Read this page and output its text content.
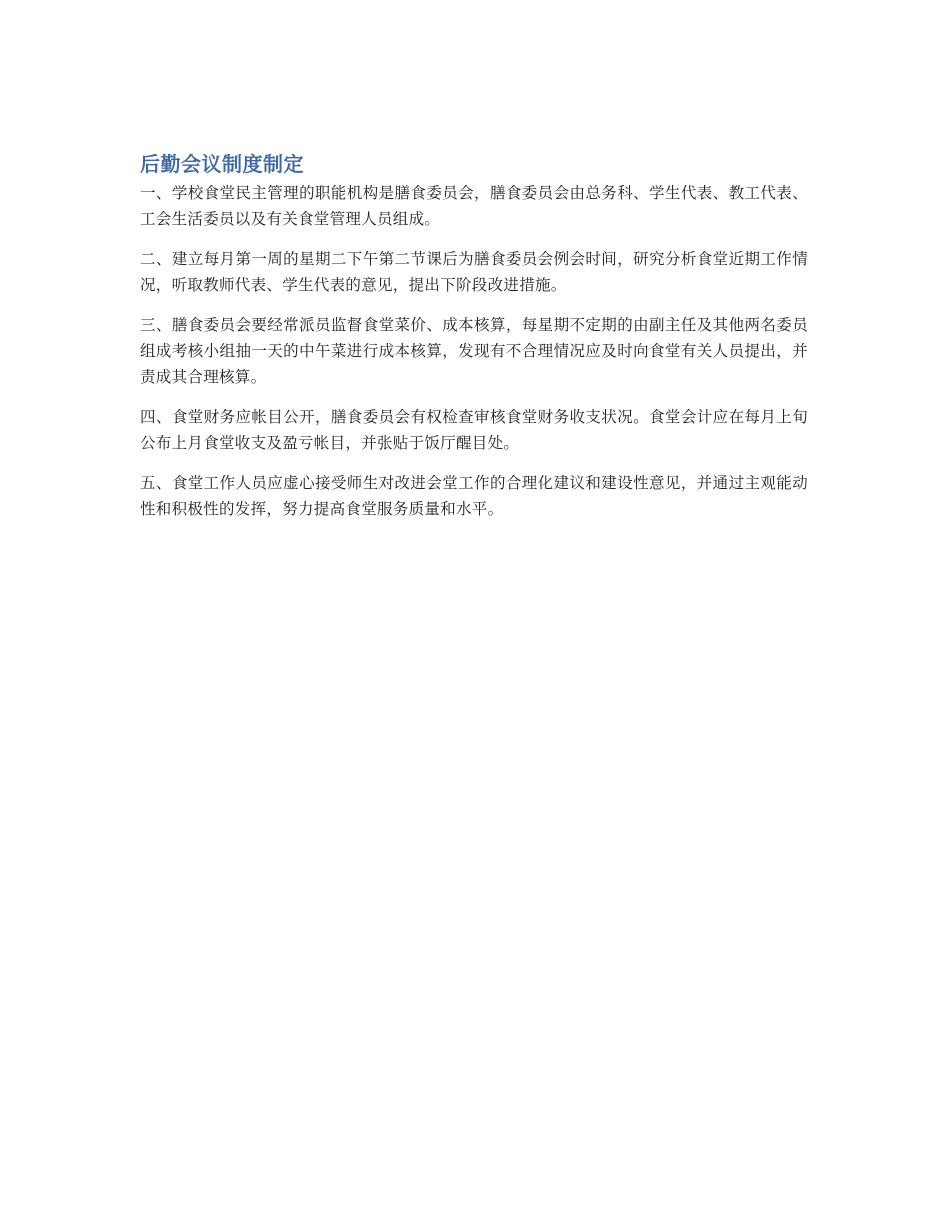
后勤会议制度制定

一、学校食堂民主管理的职能机构是膳食委员会，膳食委员会由总务科、学生代表、教工代表、工会生活委员以及有关食堂管理人员组成。

二、建立每月第一周的星期二下午第二节课后为膳食委员会例会时间，研究分析食堂近期工作情况，听取教师代表、学生代表的意见，提出下阶段改进措施。

三、膳食委员会要经常派员监督食堂菜价、成本核算，每星期不定期的由副主任及其他两名委员组成考核小组抽一天的中午菜进行成本核算，发现有不合理情况应及时向食堂有关人员提出，并责成其合理核算。

四、食堂财务应帐目公开，膳食委员会有权检查审核食堂财务收支状况。食堂会计应在每月上旬公布上月食堂收支及盈亏帐目，并张贴于饭厅醒目处。

五、食堂工作人员应虚心接受师生对改进会堂工作的合理化建议和建设性意见，并通过主观能动性和积极性的发挥，努力提高食堂服务质量和水平。
